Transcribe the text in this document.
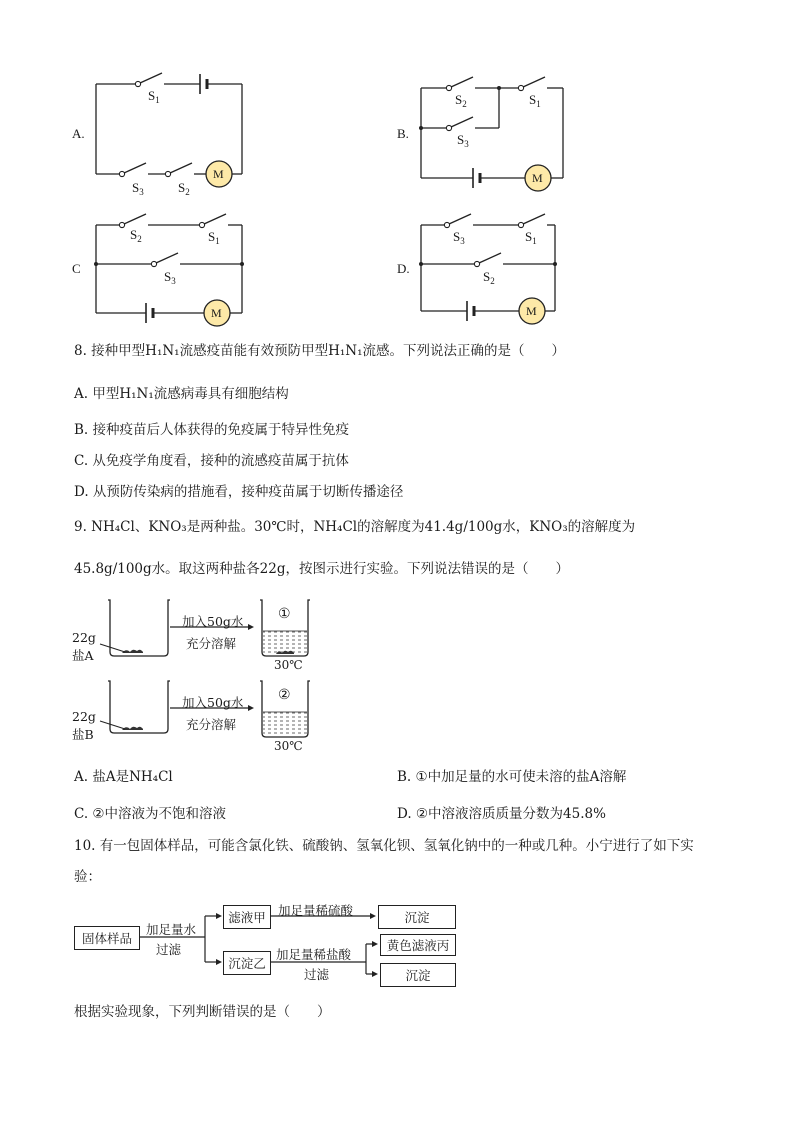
A.
$S_1$
$S_3$	$S_2$
M
B.
$S_2$	$S_1$
$S_3$
M
C
$S_2$	$S_1$
$S_3$
M
D.
$S_3$	$S_1$
$S_2$
M
8. 接种甲型H₁N₁流感疫苗能有效预防甲型H₁N₁流感。下列说法正确的是（　　）
A. 甲型H₁N₁流感病毒具有细胞结构
B. 接种疫苗后人体获得的免疫属于特异性免疫
C. 从免疫学角度看，接种的流感疫苗属于抗体
D. 从预防传染病的措施看，接种疫苗属于切断传播途径
9. NH₄Cl、KNO₃是两种盐。30℃时，NH₄Cl的溶解度为41.4g/100g水，KNO₃的溶解度为
45.8g/100g水。取这两种盐各22g，按图示进行实验。下列说法错误的是（　　）
22g
盐A
加入50g水
充分溶解
①
30℃
22g
盐B
加入50g水
充分溶解
②
30℃
A. 盐A是NH₄Cl	B. ①中加足量的水可使未溶的盐A溶解
C. ②中溶液为不饱和溶液	D. ②中溶液溶质质量分数为45.8%
10. 有一包固体样品，可能含氯化铁、硫酸钠、氢氧化钡、氢氧化钠中的一种或几种。小宁进行了如下实
验：
固体样品
加足量水
过滤
滤液甲 加足量稀硫酸	沉淀
沉淀乙
加足量稀盐酸
过滤
黄色滤液丙
沉淀
根据实验现象，下列判断错误的是（　　）
